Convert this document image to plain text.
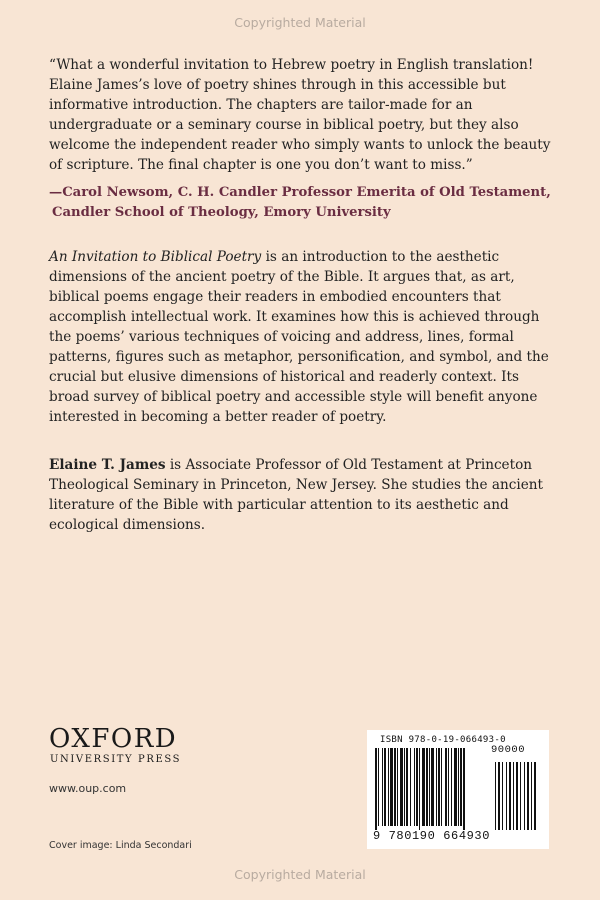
Copyrighted Material

“What a wonderful invitation to Hebrew poetry in English translation! Elaine James’s love of poetry shines through in this accessible but informative introduction. The chapters are tailor-made for an undergraduate or a seminary course in biblical poetry, but they also welcome the independent reader who simply wants to unlock the beauty of scripture. The final chapter is one you don’t want to miss.”

—Carol Newsom, C. H. Candler Professor Emerita of Old Testament,
Candler School of Theology, Emory University

An Invitation to Biblical Poetry is an introduction to the aesthetic dimensions of the ancient poetry of the Bible. It argues that, as art, biblical poems engage their readers in embodied encounters that accomplish intellectual work. It examines how this is achieved through the poems’ various techniques of voicing and address, lines, formal patterns, figures such as metaphor, personification, and symbol, and the crucial but elusive dimensions of historical and readerly context. Its broad survey of biblical poetry and accessible style will benefit anyone interested in becoming a better reader of poetry.

Elaine T. James is Associate Professor of Old Testament at Princeton Theological Seminary in Princeton, New Jersey. She studies the ancient literature of the Bible with particular attention to its aesthetic and ecological dimensions.

OXFORD
UNIVERSITY PRESS
www.oup.com
Cover image: Linda Secondari
ISBN 978-0-19-066493-0
90000
9 780190 664930
Copyrighted Material
